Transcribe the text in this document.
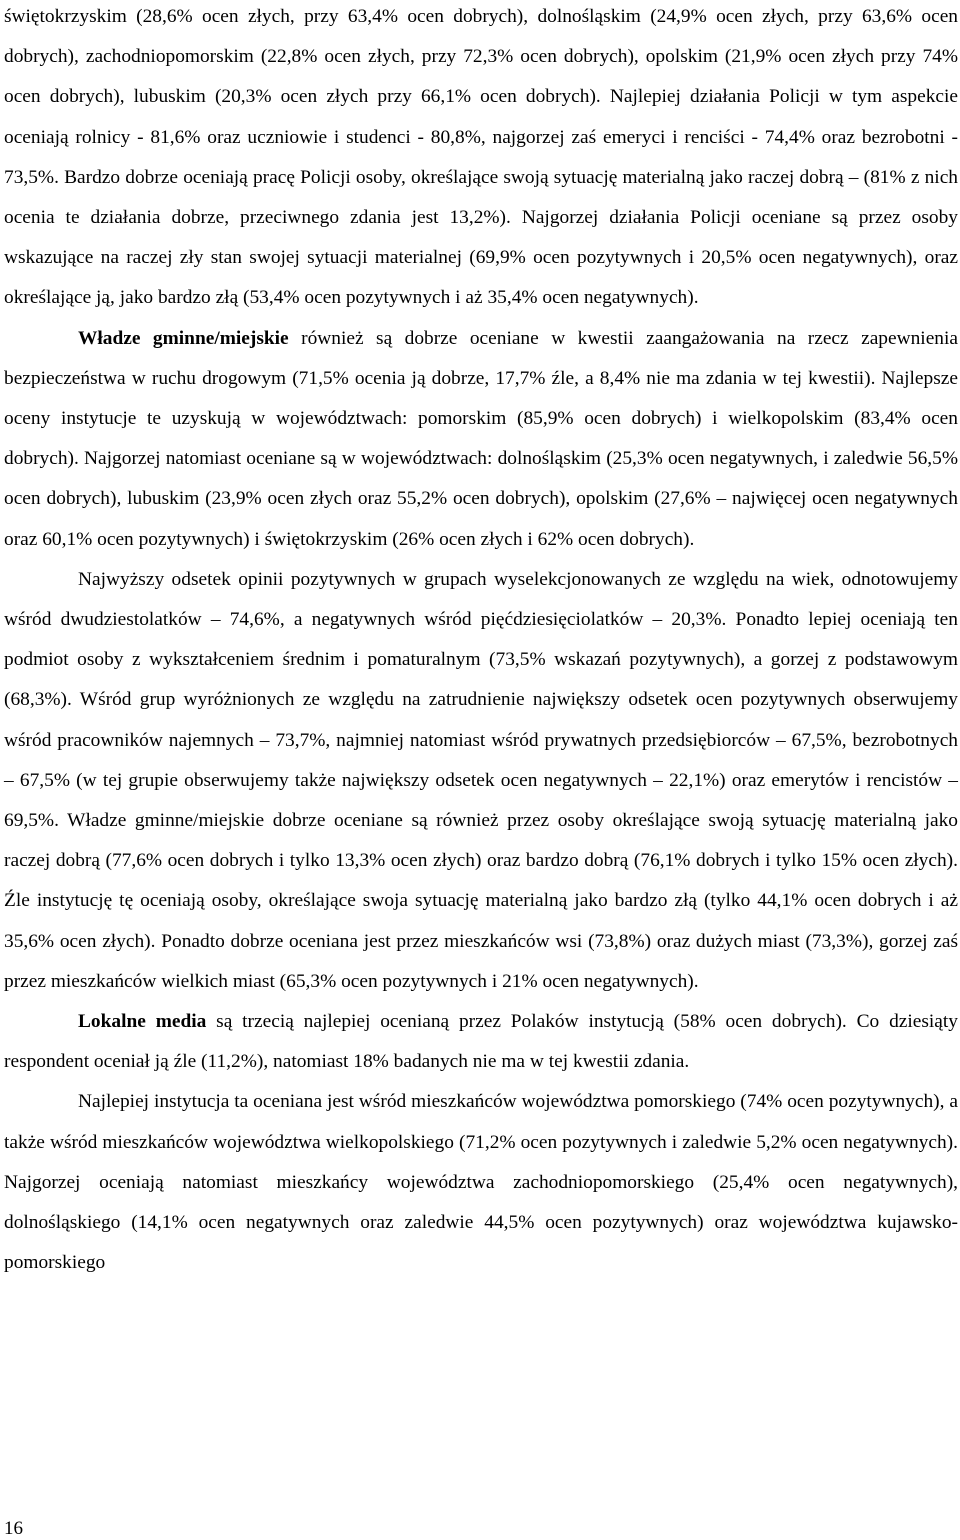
świętokrzyskim (28,6% ocen złych, przy 63,4% ocen dobrych), dolnośląskim (24,9% ocen złych, przy 63,6% ocen dobrych), zachodniopomorskim (22,8% ocen złych, przy 72,3% ocen dobrych), opolskim (21,9% ocen złych przy 74% ocen dobrych), lubuskim (20,3% ocen złych przy 66,1% ocen dobrych). Najlepiej działania Policji w tym aspekcie oceniają rolnicy - 81,6% oraz uczniowie i studenci - 80,8%, najgorzej zaś emeryci i renciści - 74,4% oraz bezrobotni - 73,5%. Bardzo dobrze oceniają pracę Policji osoby, określające swoją sytuację materialną jako raczej dobrą – (81% z nich ocenia te działania dobrze, przeciwnego zdania jest 13,2%). Najgorzej działania Policji oceniane są przez osoby wskazujące na raczej zły stan swojej sytuacji materialnej (69,9% ocen pozytywnych i 20,5% ocen negatywnych), oraz określające ją, jako bardzo złą (53,4% ocen pozytywnych i aż 35,4% ocen negatywnych).

Władze gminne/miejskie również są dobrze oceniane w kwestii zaangażowania na rzecz zapewnienia bezpieczeństwa w ruchu drogowym (71,5% ocenia ją dobrze, 17,7% źle, a 8,4% nie ma zdania w tej kwestii). Najlepsze oceny instytucje te uzyskują w województwach: pomorskim (85,9% ocen dobrych) i wielkopolskim (83,4% ocen dobrych). Najgorzej natomiast oceniane są w województwach: dolnośląskim (25,3% ocen negatywnych, i zaledwie 56,5% ocen dobrych), lubuskim (23,9% ocen złych oraz 55,2% ocen dobrych), opolskim (27,6% – najwięcej ocen negatywnych oraz 60,1% ocen pozytywnych) i świętokrzyskim (26% ocen złych i 62% ocen dobrych).

Najwyższy odsetek opinii pozytywnych w grupach wyselekcjonowanych ze względu na wiek, odnotowujemy wśród dwudziestolatków – 74,6%, a negatywnych wśród pięćdziesięciolatków – 20,3%. Ponadto lepiej oceniają ten podmiot osoby z wykształceniem średnim i pomaturalnym (73,5% wskazań pozytywnych), a gorzej z podstawowym (68,3%). Wśród grup wyróżnionych ze względu na zatrudnienie największy odsetek ocen pozytywnych obserwujemy wśród pracowników najemnych – 73,7%, najmniej natomiast wśród prywatnych przedsiębiorców – 67,5%, bezrobotnych – 67,5% (w tej grupie obserwujemy także największy odsetek ocen negatywnych – 22,1%) oraz emerytów i rencistów – 69,5%. Władze gminne/miejskie dobrze oceniane są również przez osoby określające swoją sytuację materialną jako raczej dobrą (77,6% ocen dobrych i tylko 13,3% ocen złych) oraz bardzo dobrą (76,1% dobrych i tylko 15% ocen złych). Źle instytucję tę oceniają osoby, określające swoja sytuację materialną jako bardzo złą (tylko 44,1% ocen dobrych i aż 35,6% ocen złych). Ponadto dobrze oceniana jest przez mieszkańców wsi (73,8%) oraz dużych miast (73,3%), gorzej zaś przez mieszkańców wielkich miast (65,3% ocen pozytywnych i 21% ocen negatywnych).

Lokalne media są trzecią najlepiej ocenianą przez Polaków instytucją (58% ocen dobrych). Co dziesiąty respondent oceniał ją źle (11,2%), natomiast 18% badanych nie ma w tej kwestii zdania.

Najlepiej instytucja ta oceniana jest wśród mieszkańców województwa pomorskiego (74% ocen pozytywnych), a także wśród mieszkańców województwa wielkopolskiego (71,2% ocen pozytywnych i zaledwie 5,2% ocen negatywnych). Najgorzej oceniają natomiast mieszkańcy województwa zachodniopomorskiego (25,4% ocen negatywnych), dolnośląskiego (14,1% ocen negatywnych oraz zaledwie 44,5% ocen pozytywnych) oraz województwa kujawsko-pomorskiego

16
